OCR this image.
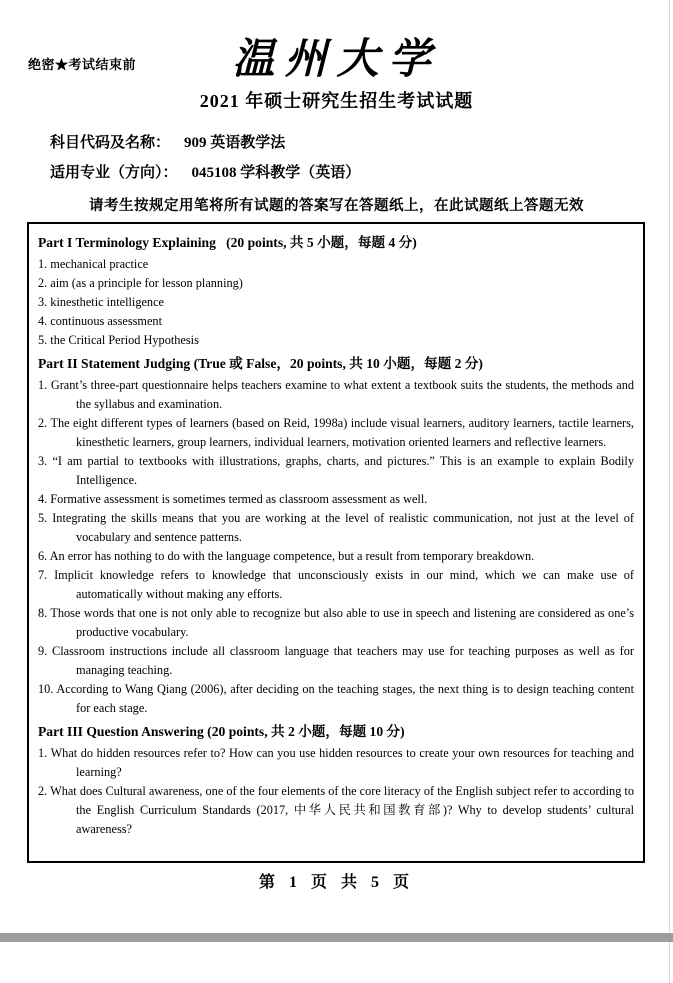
绝密★考试结束前	温州大学
2021 年硕士研究生招生考试试题
科目代码及名称： 909 英语教学法
适用专业（方向）： 045108 学科教学（英语）
请考生按规定用笔将所有试题的答案写在答题纸上，在此试题纸上答题无效
Part I Terminology Explaining   (20 points, 共 5 小题，每题 4 分)
1. mechanical practice
2. aim (as a principle for lesson planning)
3. kinesthetic intelligence
4. continuous assessment
5. the Critical Period Hypothesis
Part II Statement Judging (True 或 False，20 points, 共 10 小题，每题 2 分)
1. Grant’s three-part questionnaire helps teachers examine to what extent a textbook suits the students, the methods and the syllabus and examination.
2. The eight different types of learners (based on Reid, 1998a) include visual learners, auditory learners, tactile learners, kinesthetic learners, group learners, individual learners, motivation oriented learners and reflective learners.
3. “I am partial to textbooks with illustrations, graphs, charts, and pictures.” This is an example to explain Bodily Intelligence.
4. Formative assessment is sometimes termed as classroom assessment as well.
5. Integrating the skills means that you are working at the level of realistic communication, not just at the level of vocabulary and sentence patterns.
6. An error has nothing to do with the language competence, but a result from temporary breakdown.
7. Implicit knowledge refers to knowledge that unconsciously exists in our mind, which we can make use of automatically without making any efforts.
8. Those words that one is not only able to recognize but also able to use in speech and listening are considered as one’s productive vocabulary.
9. Classroom instructions include all classroom language that teachers may use for teaching purposes as well as for managing teaching.
10. According to Wang Qiang (2006), after deciding on the teaching stages, the next thing is to design teaching content for each stage.
Part III Question Answering (20 points, 共 2 小题，每题 10 分)
1. What do hidden resources refer to? How can you use hidden resources to create your own resources for teaching and learning?
2. What does Cultural awareness, one of the four elements of the core literacy of the English subject refer to according to the English Curriculum Standards (2017, 中华人民共和国教育部)? Why to develop students’ cultural awareness?
第 1 页 共 5 页
